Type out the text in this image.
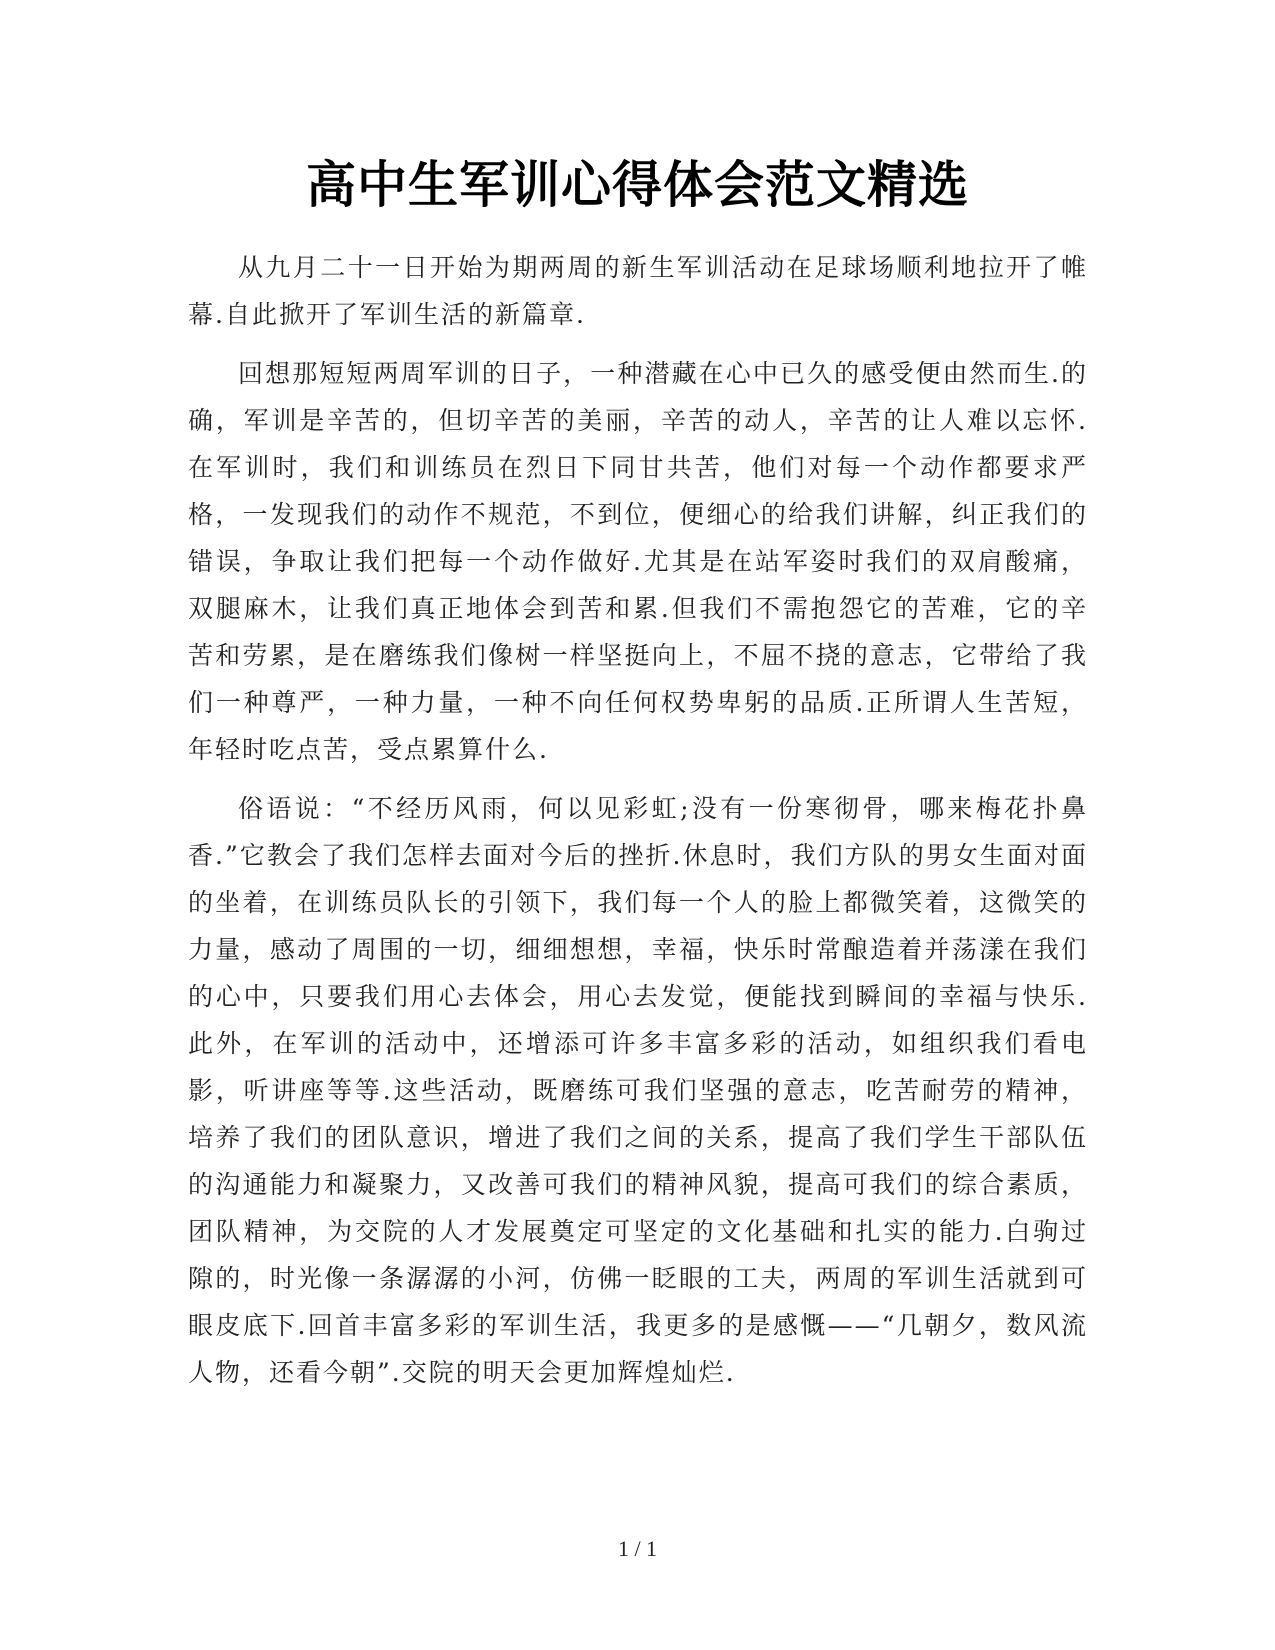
高中生军训心得体会范文精选

从九月二十一日开始为期两周的新生军训活动在足球场顺利地拉开了帷幕.自此掀开了军训生活的新篇章.

回想那短短两周军训的日子，一种潜藏在心中已久的感受便由然而生.的确，军训是辛苦的，但切辛苦的美丽，辛苦的动人，辛苦的让人难以忘怀.在军训时，我们和训练员在烈日下同甘共苦，他们对每一个动作都要求严格，一发现我们的动作不规范，不到位，便细心的给我们讲解，纠正我们的错误，争取让我们把每一个动作做好.尤其是在站军姿时我们的双肩酸痛，双腿麻木，让我们真正地体会到苦和累.但我们不需抱怨它的苦难，它的辛苦和劳累，是在磨练我们像树一样坚挺向上，不屈不挠的意志，它带给了我们一种尊严，一种力量，一种不向任何权势卑躬的品质.正所谓人生苦短，年轻时吃点苦，受点累算什么.

俗语说：“不经历风雨，何以见彩虹;没有一份寒彻骨，哪来梅花扑鼻香.”它教会了我们怎样去面对今后的挫折.休息时，我们方队的男女生面对面的坐着，在训练员队长的引领下，我们每一个人的脸上都微笑着，这微笑的力量，感动了周围的一切，细细想想，幸福，快乐时常酿造着并荡漾在我们的心中，只要我们用心去体会，用心去发觉，便能找到瞬间的幸福与快乐.此外，在军训的活动中，还增添可许多丰富多彩的活动，如组织我们看电影，听讲座等等.这些活动，既磨练可我们坚强的意志，吃苦耐劳的精神，培养了我们的团队意识，增进了我们之间的关系，提高了我们学生干部队伍的沟通能力和凝聚力，又改善可我们的精神风貌，提高可我们的综合素质，团队精神，为交院的人才发展奠定可坚定的文化基础和扎实的能力.白驹过隙的，时光像一条潺潺的小河，仿佛一眨眼的工夫，两周的军训生活就到可眼皮底下.回首丰富多彩的军训生活，我更多的是感慨——“几朝夕，数风流人物，还看今朝”.交院的明天会更加辉煌灿烂.

1 / 1
